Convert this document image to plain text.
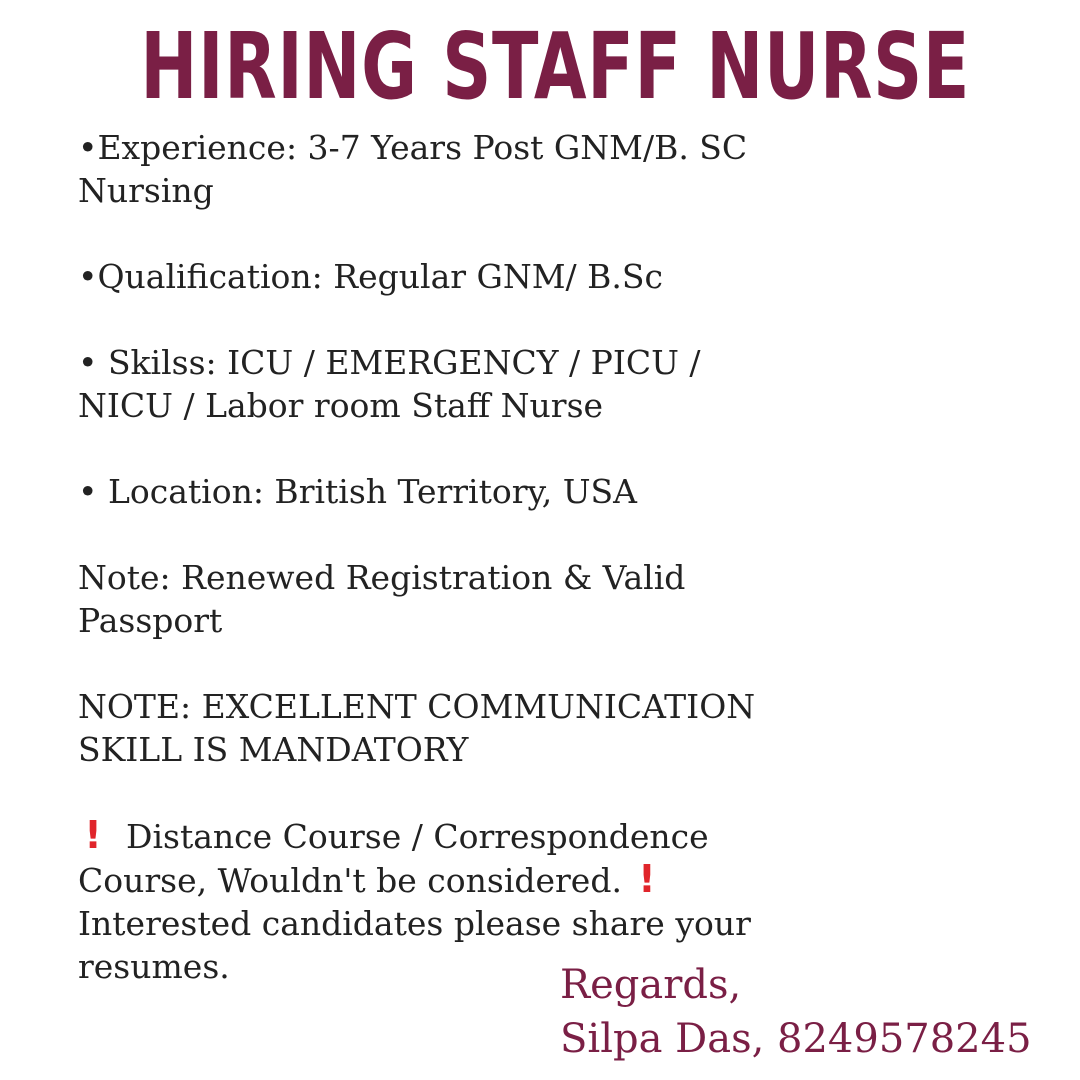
HIRING STAFF NURSE
•Experience: 3-7 Years Post GNM/B. SC
Nursing
•Qualification: Regular GNM/ B.Sc
• Skilss: ICU / EMERGENCY / PICU /
NICU / Labor room Staff Nurse
• Location: British Territory, USA
Note: Renewed Registration & Valid
Passport
NOTE: EXCELLENT COMMUNICATION
SKILL IS MANDATORY
! Distance Course / Correspondence
Course, Wouldn't be considered. !
Interested candidates please share your
resumes.	Regards,
Silpa Das, 8249578245
